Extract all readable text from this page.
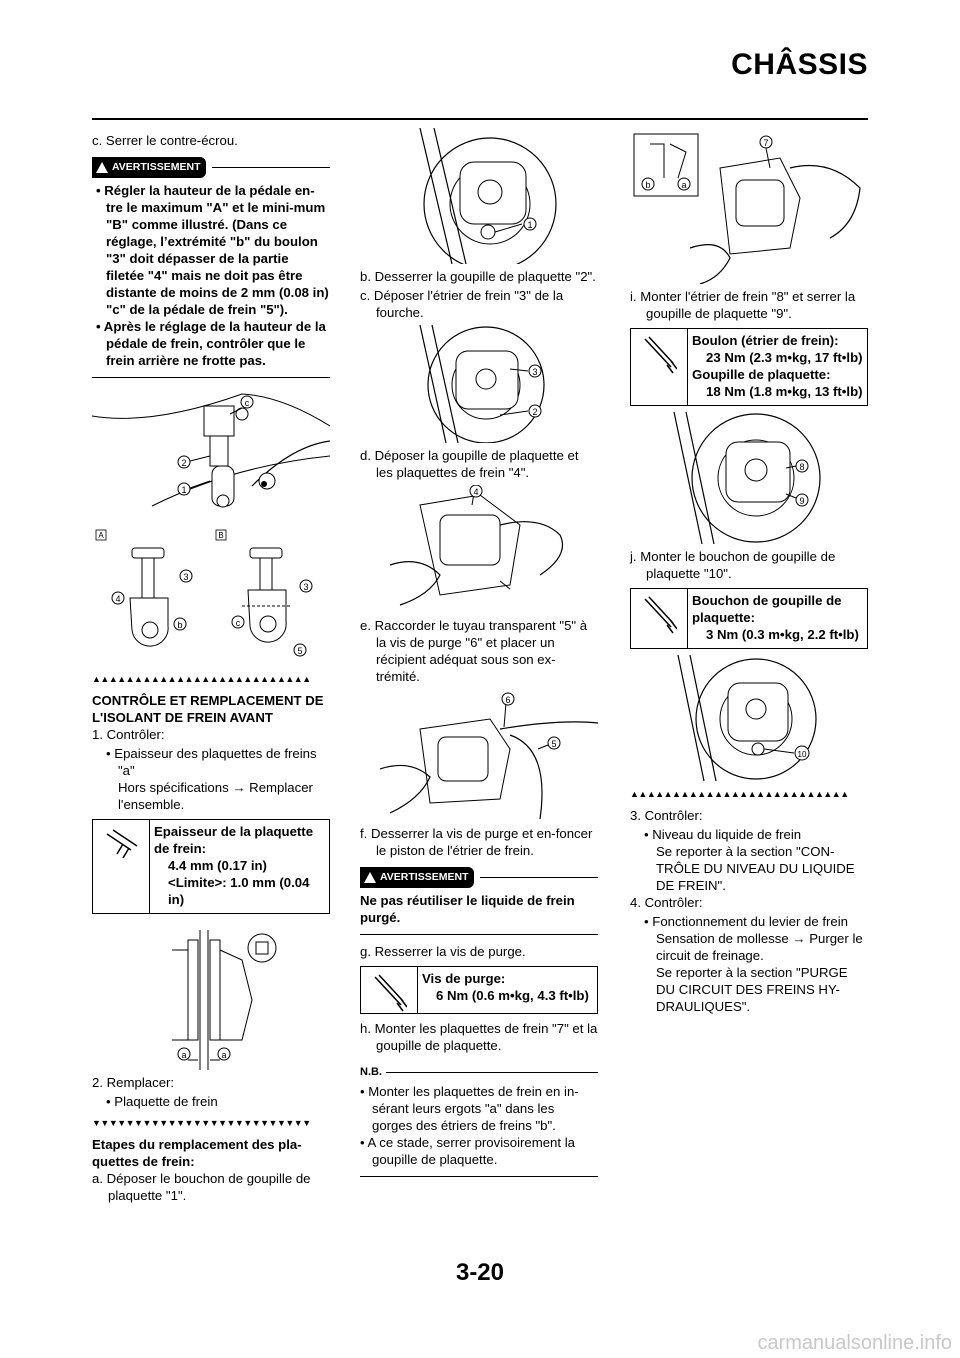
CHÂSSIS

c. Serrer le contre-écrou.

AVERTISSEMENT

• Régler la hauteur de la pédale en-tre le maximum "A" et le mini-mum "B" comme illustré. (Dans ce réglage, l’extrémité "b" du boulon "3" doit dépasser de la partie filetée "4" mais ne doit pas être distante de moins de 2 mm (0.08 in) "c" de la pédale de frein "5").

• Après le réglage de la hauteur de la pédale de frein, contrôler que le frein arrière ne frotte pas.

2
1
c
A	B
3
4
b
3
c
5
▲▲▲▲▲▲▲▲▲▲▲▲▲▲▲▲▲▲▲▲▲▲▲▲▲▲

CONTRÔLE ET REMPLACEMENT DE L'ISOLANT DE FREIN AVANT

1. Contrôler:

• Epaisseur des plaquettes de freins "a"

Hors spécifications → Remplacer l'ensemble.

Epaisseur de la plaquette de frein:

4.4 mm (0.17 in)

<Limite>: 1.0 mm (0.04 in)

a	a

2. Remplacer:

• Plaquette de frein

▼▼▼▼▼▼▼▼▼▼▼▼▼▼▼▼▼▼▼▼▼▼▼▼▼▼

Etapes du remplacement des pla-quettes de frein:

a. Déposer le bouchon de goupille de plaquette "1".

1

b. Desserrer la goupille de plaquette "2".

c. Déposer l'étrier de frein "3" de la fourche.

3
2

d. Déposer la goupille de plaquette et les plaquettes de frein "4".

4

e. Raccorder le tuyau transparent "5" à la vis de purge "6" et placer un récipient adéquat sous son ex-trémité.

6
5

f. Desserrer la vis de purge et en-foncer le piston de l'étrier de frein.

AVERTISSEMENT

Ne pas réutiliser le liquide de frein purgé.

g. Resserrer la vis de purge.

Vis de purge:

6 Nm (0.6 m•kg, 4.3 ft•lb)

h. Monter les plaquettes de frein "7" et la goupille de plaquette.

N.B.

• Monter les plaquettes de frein en in-sérant leurs ergots "a" dans les gorges des étriers de freins "b".

• A ce stade, serrer provisoirement la goupille de plaquette.

b	a
7

i. Monter l'étrier de frein "8" et serrer la goupille de plaquette "9".

Boulon (étrier de frein):

23 Nm (2.3 m•kg, 17 ft•lb)

Goupille de plaquette:

18 Nm (1.8 m•kg, 13 ft•lb)

8
9

j. Monter le bouchon de goupille de plaquette "10".

Bouchon de goupille de plaquette:

3 Nm (0.3 m•kg, 2.2 ft•lb)

10
▲▲▲▲▲▲▲▲▲▲▲▲▲▲▲▲▲▲▲▲▲▲▲▲▲▲

3. Contrôler:

• Niveau du liquide de frein

Se reporter à la section "CON-TRÔLE DU NIVEAU DU LIQUIDE DE FREIN".

4. Contrôler:

• Fonctionnement du levier de frein

Sensation de mollesse → Purger le circuit de freinage.

Se reporter à la section "PURGE DU CIRCUIT DES FREINS HY-DRAULIQUES".

3-20
carmanualsonline.info
